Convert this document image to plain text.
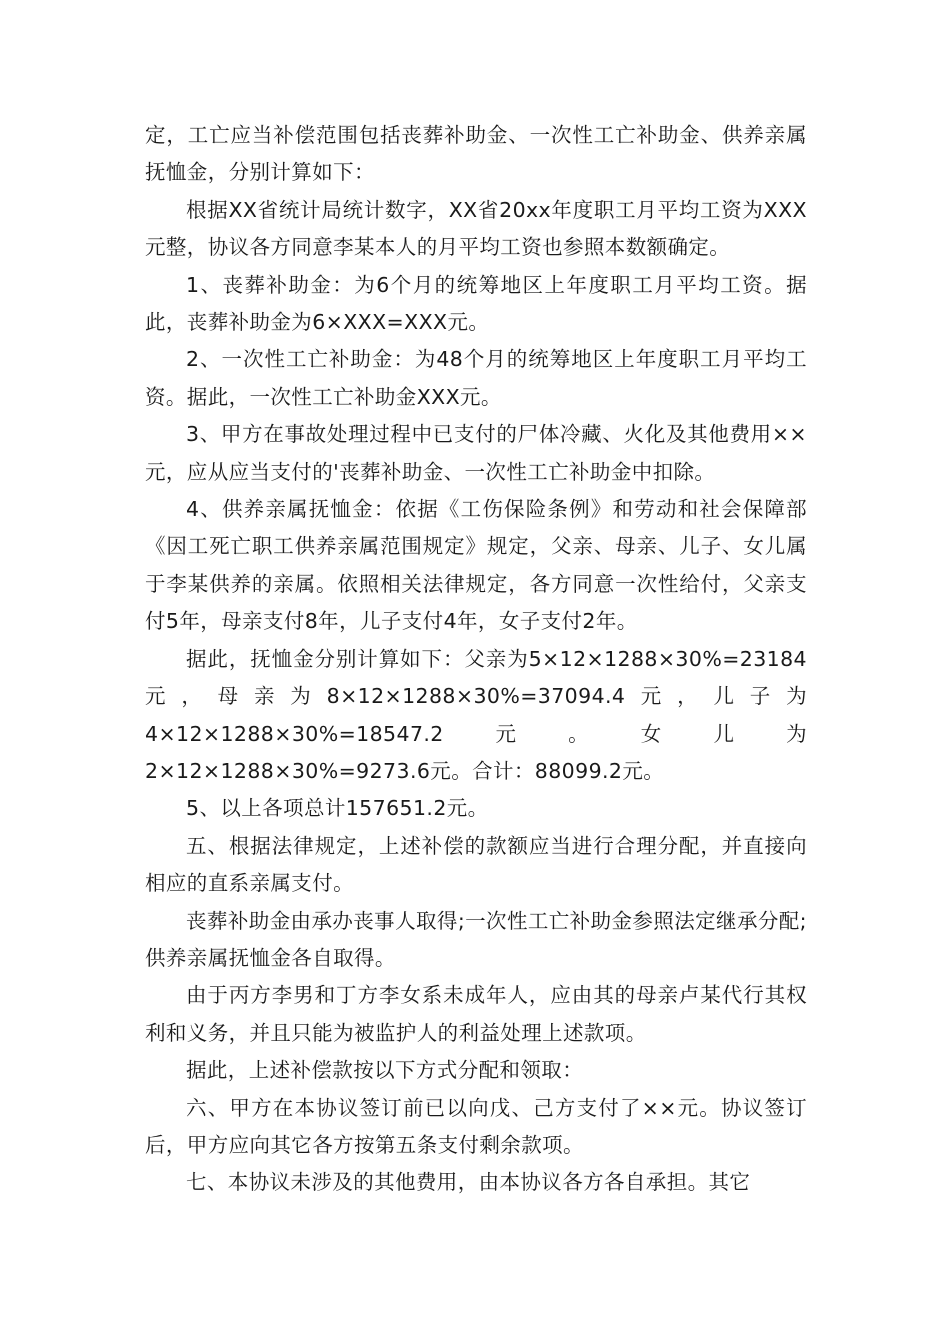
定，工亡应当补偿范围包括丧葬补助金、一次性工亡补助金、供养亲属抚恤金，分别计算如下：

根据XX省统计局统计数字，XX省20xx年度职工月平均工资为XXX元整，协议各方同意李某本人的月平均工资也参照本数额确定。

1、丧葬补助金：为6个月的统筹地区上年度职工月平均工资。据此，丧葬补助金为6×XXX=XXX元。

2、一次性工亡补助金：为48个月的统筹地区上年度职工月平均工资。据此，一次性工亡补助金XXX元。

3、甲方在事故处理过程中已支付的尸体冷藏、火化及其他费用××元，应从应当支付的'丧葬补助金、一次性工亡补助金中扣除。

4、供养亲属抚恤金：依据《工伤保险条例》和劳动和社会保障部《因工死亡职工供养亲属范围规定》规定，父亲、母亲、儿子、女儿属于李某供养的亲属。依照相关法律规定，各方同意一次性给付，父亲支付5年，母亲支付8年，儿子支付4年，女子支付2年。

据此，抚恤金分别计算如下：父亲为5×12×1288×30%=23184元，母亲为8×12×1288×30%=37094.4元，儿子为4×12×1288×30%=18547.2元。女儿为2×12×1288×30%=9273.6元。合计：88099.2元。

5、以上各项总计157651.2元。

五、根据法律规定，上述补偿的款额应当进行合理分配，并直接向相应的直系亲属支付。

丧葬补助金由承办丧事人取得;一次性工亡补助金参照法定继承分配;供养亲属抚恤金各自取得。

由于丙方李男和丁方李女系未成年人，应由其的母亲卢某代行其权利和义务，并且只能为被监护人的利益处理上述款项。

据此，上述补偿款按以下方式分配和领取：

六、甲方在本协议签订前已以向戊、己方支付了××元。协议签订后，甲方应向其它各方按第五条支付剩余款项。

七、本协议未涉及的其他费用，由本协议各方各自承担。其它
